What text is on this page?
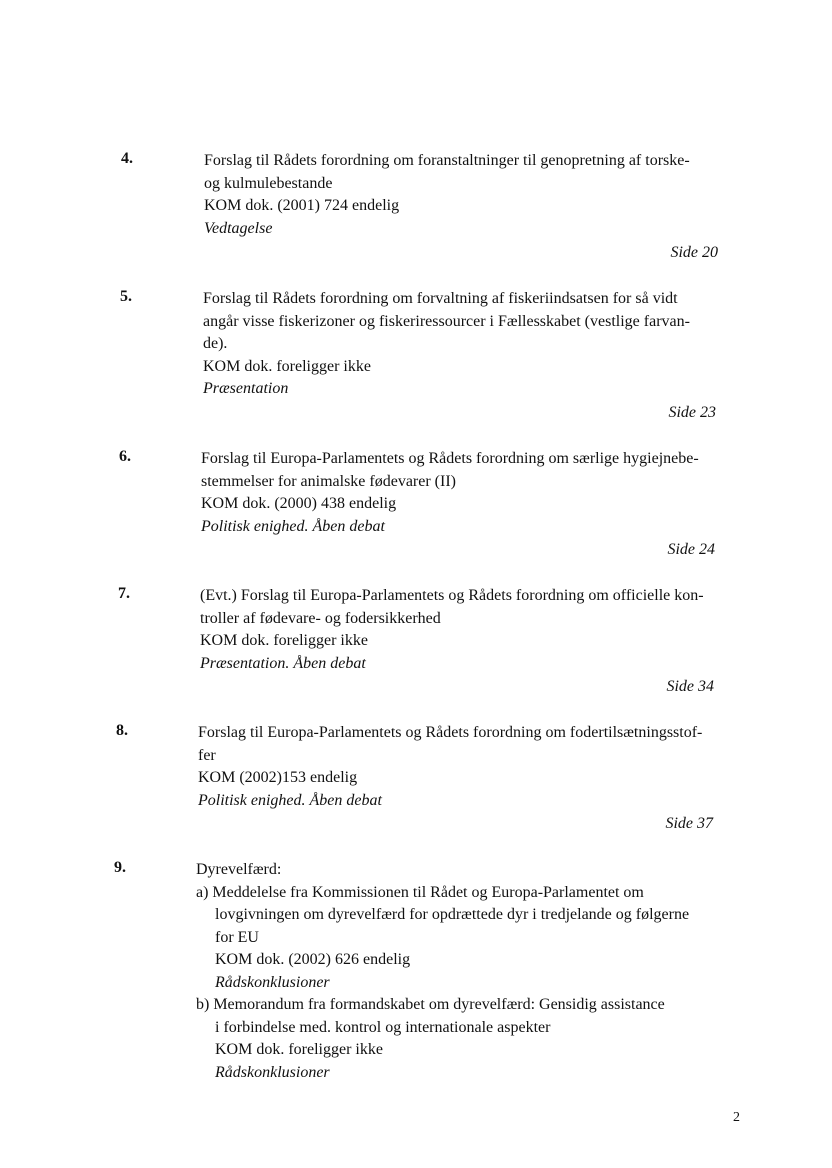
4.	Forslag til Rådets forordning om foranstaltninger til genopretning af torske-
og kulmulebestande
KOM dok. (2001) 724 endelig
Vedtagelse
Side 20
5.	Forslag til Rådets forordning om forvaltning af fiskeriindsatsen for så vidt
angår visse fiskerizoner og fiskeriressourcer i Fællesskabet (vestlige farvan-
de).
KOM dok. foreligger ikke
Præsentation
Side 23
6.	Forslag til Europa-Parlamentets og Rådets forordning om særlige hygiejnebe-
stemmelser for animalske fødevarer (II)
KOM dok. (2000) 438 endelig
Politisk enighed. Åben debat
Side 24
7.	(Evt.) Forslag til Europa-Parlamentets og Rådets forordning om officielle kon-
troller af fødevare- og fodersikkerhed
KOM dok. foreligger ikke
Præsentation. Åben debat
Side 34
8.	Forslag til Europa-Parlamentets og Rådets forordning om fodertilsætningsstof-
fer
KOM (2002)153 endelig
Politisk enighed. Åben debat
Side 37
9.	Dyrevelfærd:
a) Meddelelse fra Kommissionen til Rådet og Europa-Parlamentet om
lovgivningen om dyrevelfærd for opdrættede dyr i tredjelande og følgerne
for EU
KOM dok. (2002) 626 endelig
Rådskonklusioner
b) Memorandum fra formandskabet om dyrevelfærd: Gensidig assistance
i forbindelse med. kontrol og internationale aspekter
KOM dok. foreligger ikke
Rådskonklusioner
2
